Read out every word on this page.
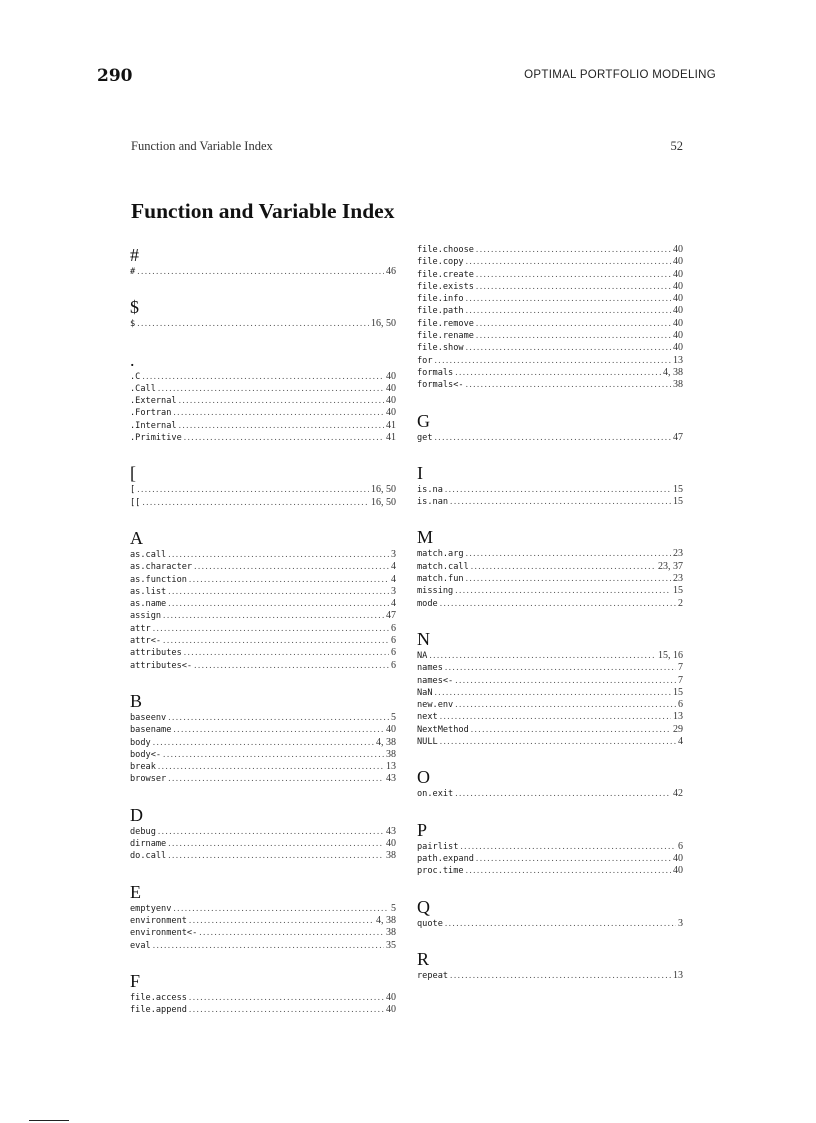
290	OPTIMAL PORTFOLIO MODELING
Function and Variable Index	52
Function and Variable Index
#
# .....	46
$
$ .....	16, 50
.
.C .....	40
.Call .....	40
.External .....	40
.Fortran .....	40
.Internal .....	41
.Primitive .....	41
[
[ .....	16, 50
[[ .....	16, 50
A
as.call .....	3
as.character .....	4
as.function .....	4
as.list .....	3
as.name .....	4
assign .....	47
attr .....	6
attr<- .....	6
attributes .....	6
attributes<- .....	6
B
baseenv .....	5
basename .....	40
body .....	4, 38
body<- .....	38
break .....	13
browser .....	43
D
debug .....	43
dirname .....	40
do.call .....	38
E
emptyenv .....	5
environment .....	4, 38
environment<- .....	38
eval .....	35
F
file.access .....	40
file.append .....	40
file.choose .....	40
file.copy .....	40
file.create .....	40
file.exists .....	40
file.info .....	40
file.path .....	40
file.remove .....	40
file.rename .....	40
file.show .....	40
for .....	13
formals .....	4, 38
formals<- .....	38
G
get .....	47
I
is.na .....	15
is.nan .....	15
M
match.arg .....	23
match.call .....	23, 37
match.fun .....	23
missing .....	15
mode .....	2
N
NA .....	15, 16
names .....	7
names<- .....	7
NaN .....	15
new.env .....	6
next .....	13
NextMethod .....	29
NULL .....	4
O
on.exit .....	42
P
pairlist .....	6
path.expand .....	40
proc.time .....	40
Q
quote .....	3
R
repeat .....	13
